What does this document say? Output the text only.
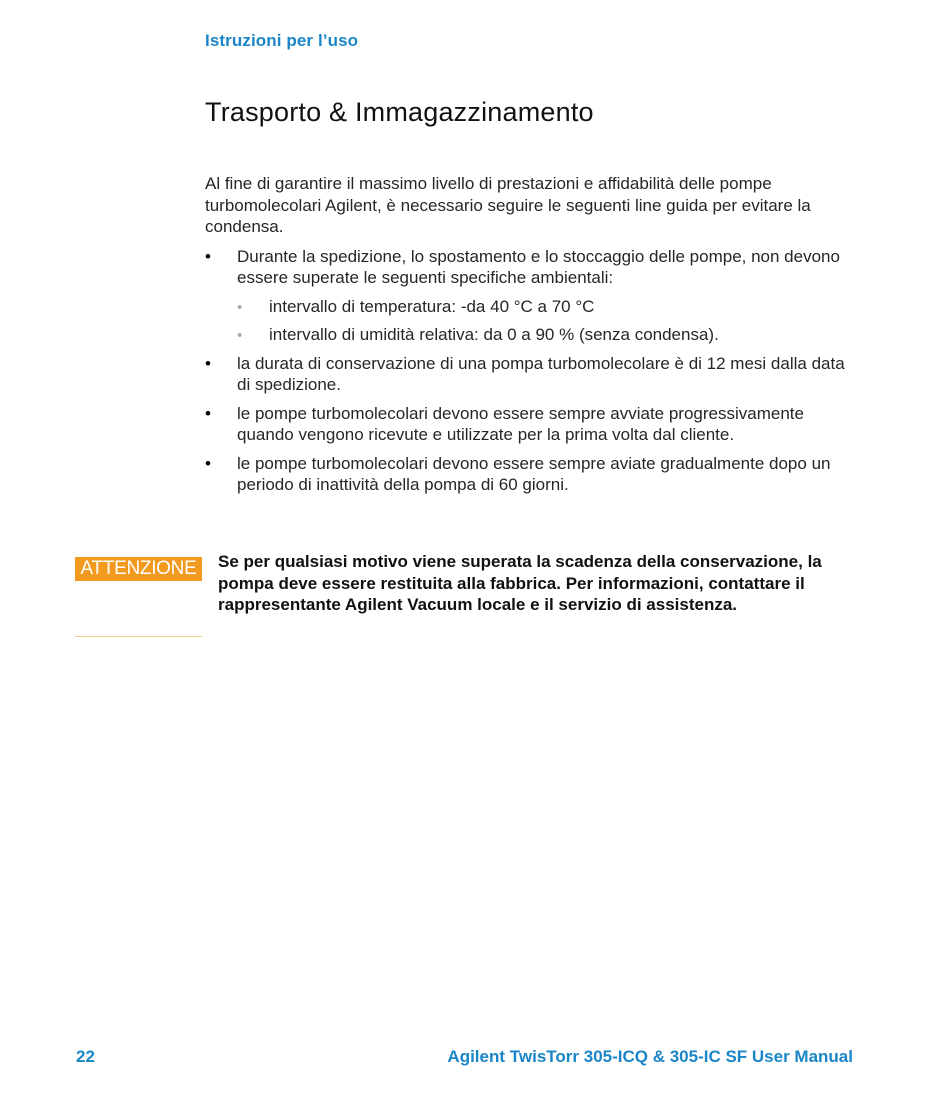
Istruzioni per l’uso
Trasporto & Immagazzinamento

Al fine di garantire il massimo livello di prestazioni e affidabilità delle pompe turbomolecolari Agilent, è necessario seguire le seguenti line guida per evitare la condensa.

• Durante la spedizione, lo spostamento e lo stoccaggio delle pompe, non devono essere superate le seguenti specifiche ambientali:
• intervallo di temperatura: -da 40 °C a 70 °C
• intervallo di umidità relativa: da 0 a 90 % (senza condensa).
• la durata di conservazione di una pompa turbomolecolare è di 12 mesi dalla data di spedizione.
• le pompe turbomolecolari devono essere sempre avviate progressivamente quando vengono ricevute e utilizzate per la prima volta dal cliente.
• le pompe turbomolecolari devono essere sempre aviate gradualmente dopo un periodo di inattività della pompa di 60 giorni.
ATTENZIONE	Se per qualsiasi motivo viene superata la scadenza della conservazione, la pompa deve essere restituita alla fabbrica. Per informazioni, contattare il rappresentante Agilent Vacuum locale e il servizio di assistenza.
22	Agilent TwisTorr 305-ICQ & 305-IC SF User Manual
